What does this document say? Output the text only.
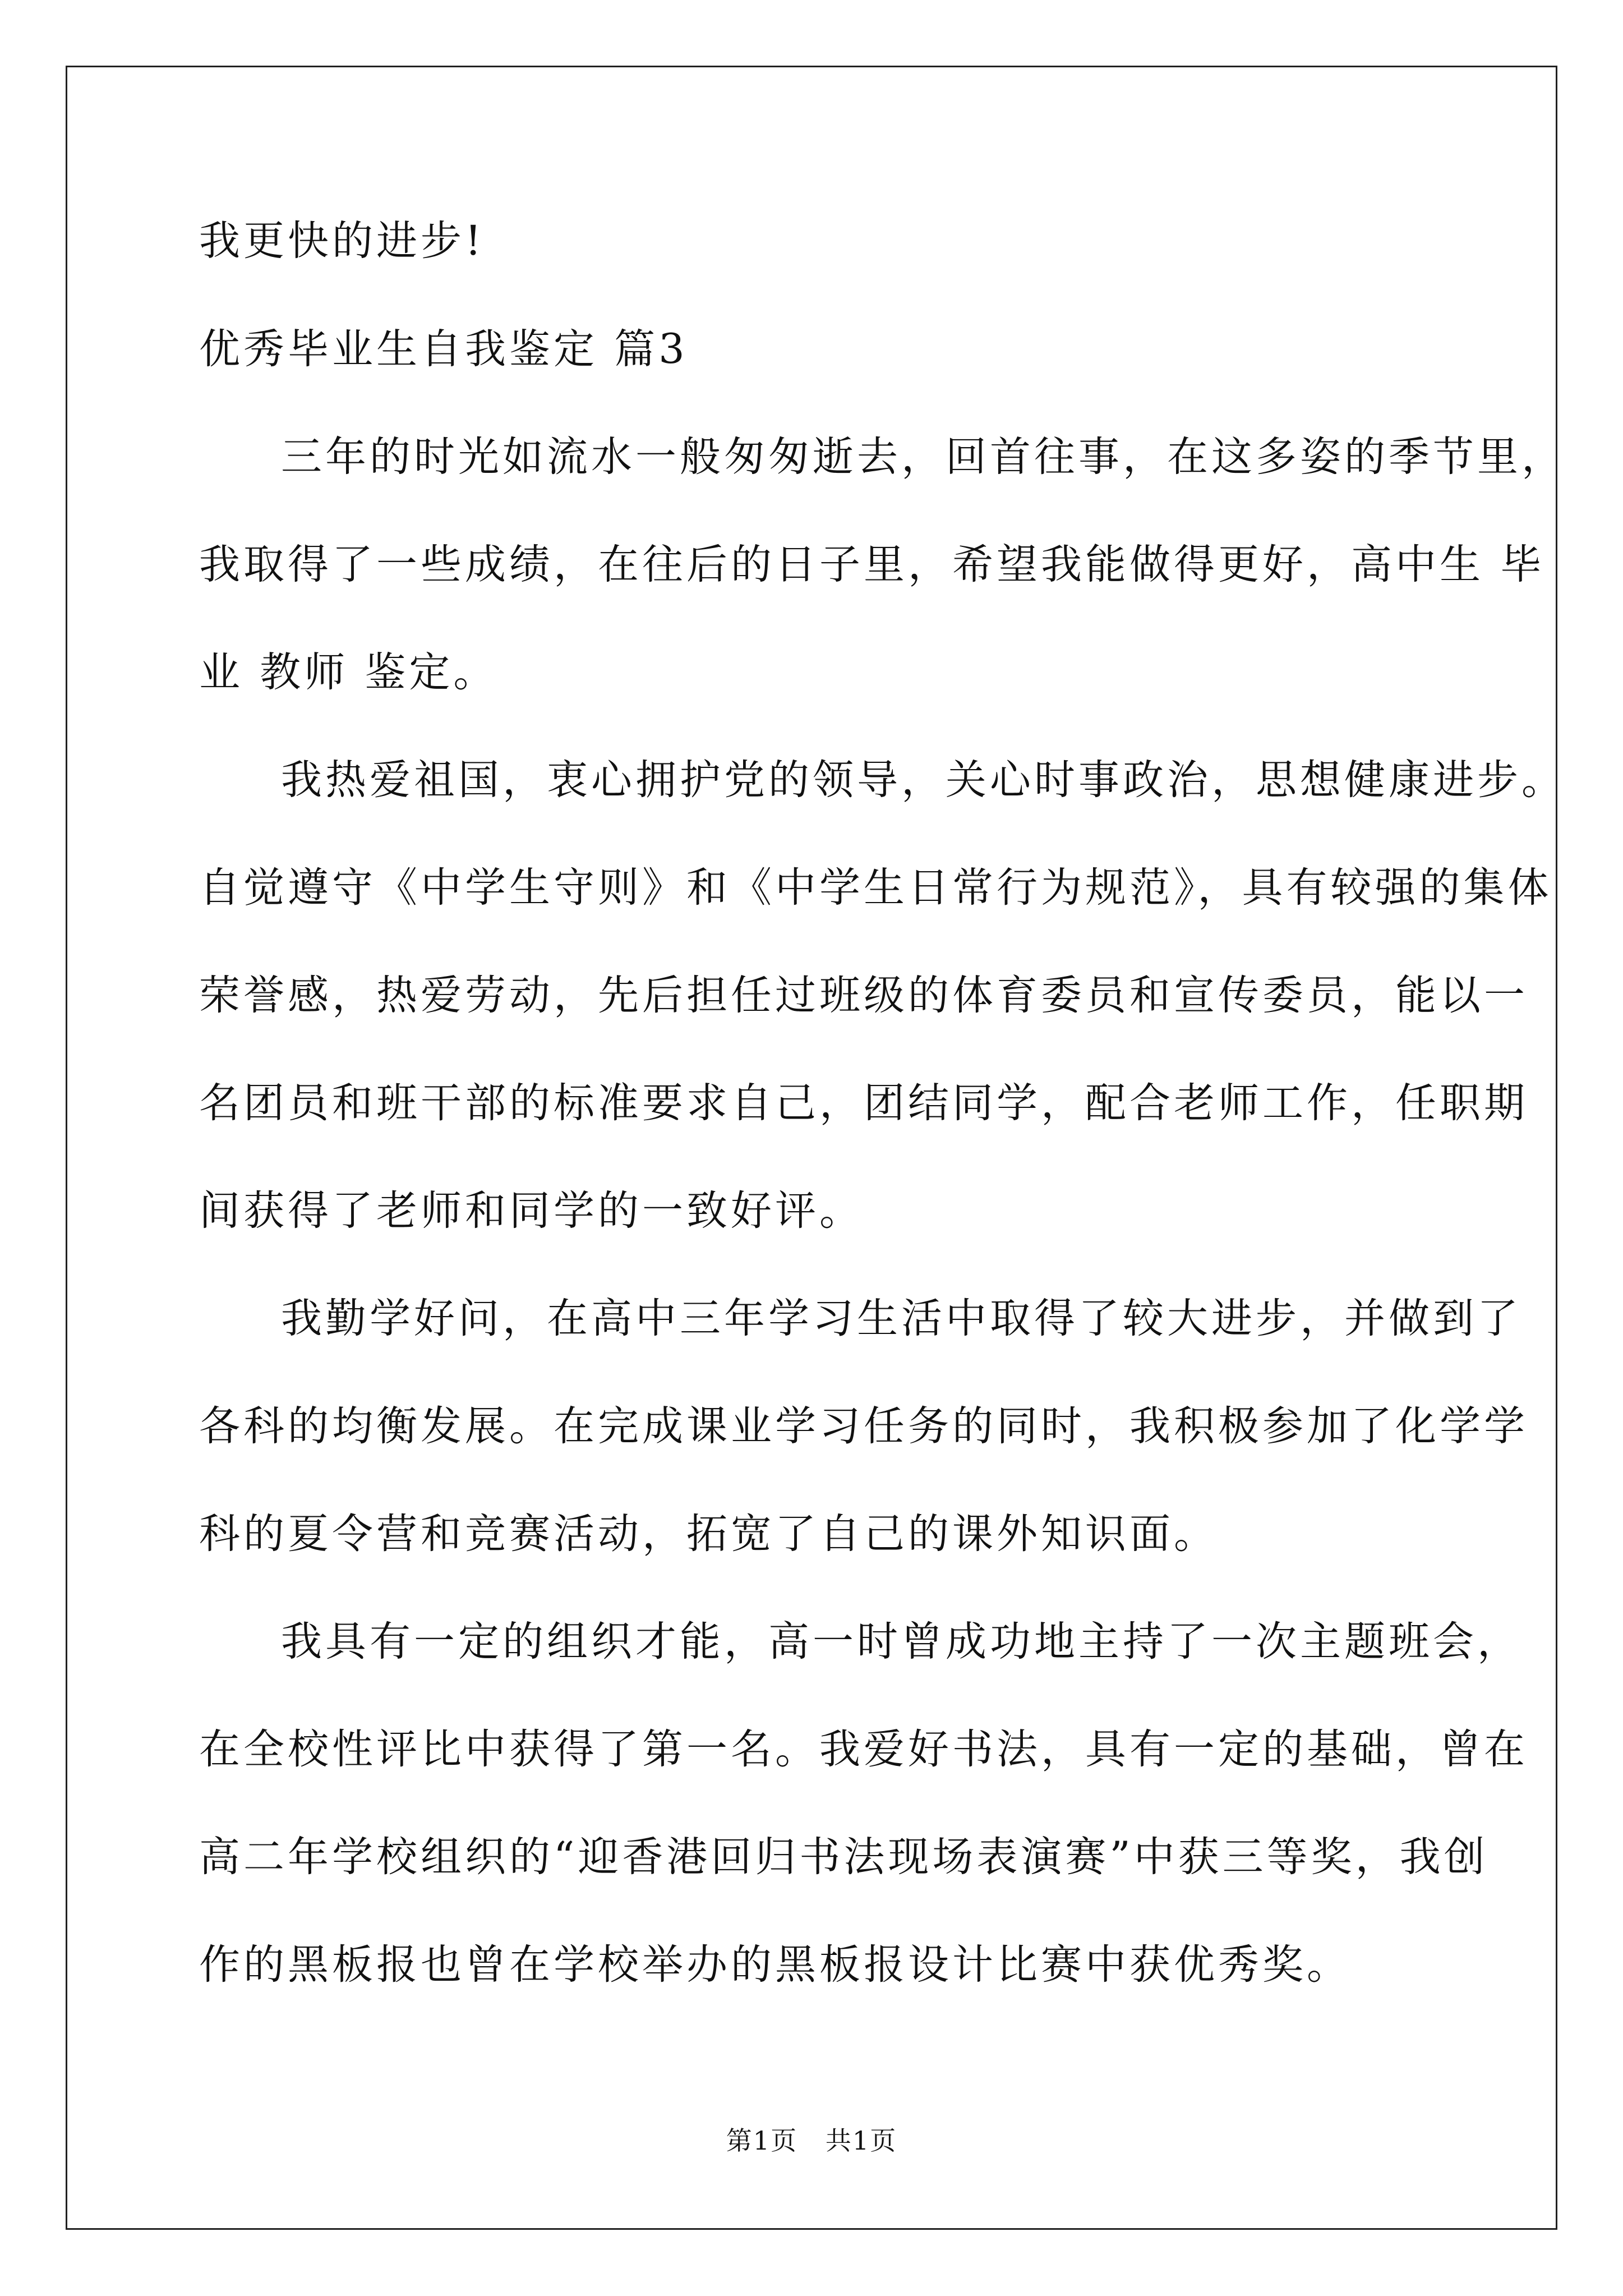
我更快的进步!
优秀毕业生自我鉴定 篇3
三年的时光如流水一般匆匆逝去，回首往事，在这多姿的季节里，
我取得了一些成绩，在往后的日子里，希望我能做得更好，高中生 毕
业 教师 鉴定。
我热爱祖国，衷心拥护党的领导，关心时事政治，思想健康进步。
自觉遵守《中学生守则》和《中学生日常行为规范》，具有较强的集体
荣誉感，热爱劳动，先后担任过班级的体育委员和宣传委员，能以一
名团员和班干部的标准要求自己，团结同学，配合老师工作，任职期
间获得了老师和同学的一致好评。
我勤学好问，在高中三年学习生活中取得了较大进步，并做到了
各科的均衡发展。在完成课业学习任务的同时，我积极参加了化学学
科的夏令营和竞赛活动，拓宽了自己的课外知识面。
我具有一定的组织才能，高一时曾成功地主持了一次主题班会，
在全校性评比中获得了第一名。我爱好书法，具有一定的基础，曾在
高二年学校组织的“迎香港回归书法现场表演赛”中获三等奖，我创
作的黑板报也曾在学校举办的黑板报设计比赛中获优秀奖。
第1页   共1页
